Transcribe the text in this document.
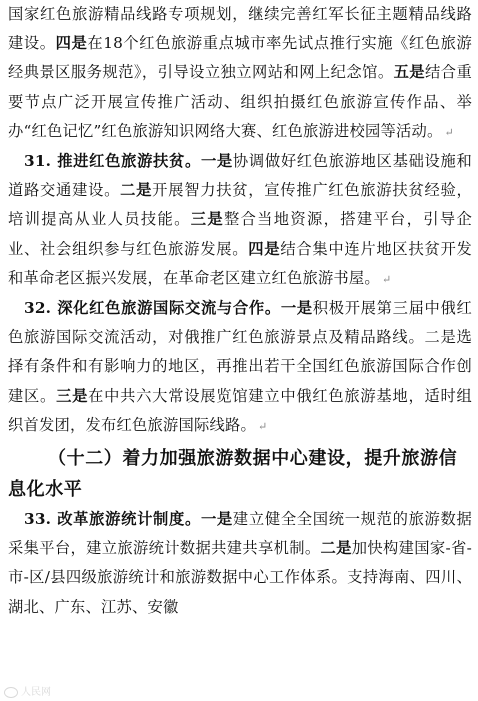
国家红色旅游精品线路专项规划，继续完善红军长征主题精品线路建设。四是在18个红色旅游重点城市率先试点推行实施《红色旅游经典景区服务规范》，引导设立独立网站和网上纪念馆。五是结合重要节点广泛开展宣传推广活动、组织拍摄红色旅游宣传作品、举办“红色记忆”红色旅游知识网络大赛、红色旅游进校园等活动。 ↵

31. 推进红色旅游扶贫。一是协调做好红色旅游地区基础设施和道路交通建设。二是开展智力扶贫，宣传推广红色旅游扶贫经验，培训提高从业人员技能。三是整合当地资源，搭建平台，引导企业、社会组织参与红色旅游发展。四是结合集中连片地区扶贫开发和革命老区振兴发展，在革命老区建立红色旅游书屋。 ↵

32. 深化红色旅游国际交流与合作。一是积极开展第三届中俄红色旅游国际交流活动，对俄推广红色旅游景点及精品路线。二是选择有条件和有影响力的地区，再推出若干全国红色旅游国际合作创建区。三是在中共六大常设展览馆建立中俄红色旅游基地，适时组织首发团，发布红色旅游国际线路。 ↵

（十二）着力加强旅游数据中心建设，提升旅游信息化水平

33. 改革旅游统计制度。一是建立健全全国统一规范的旅游数据采集平台，建立旅游统计数据共建共享机制。二是加快构建国家-省-市-区/县四级旅游统计和旅游数据中心工作体系。支持海南、四川、湖北、广东、江苏、安徽

人民网
